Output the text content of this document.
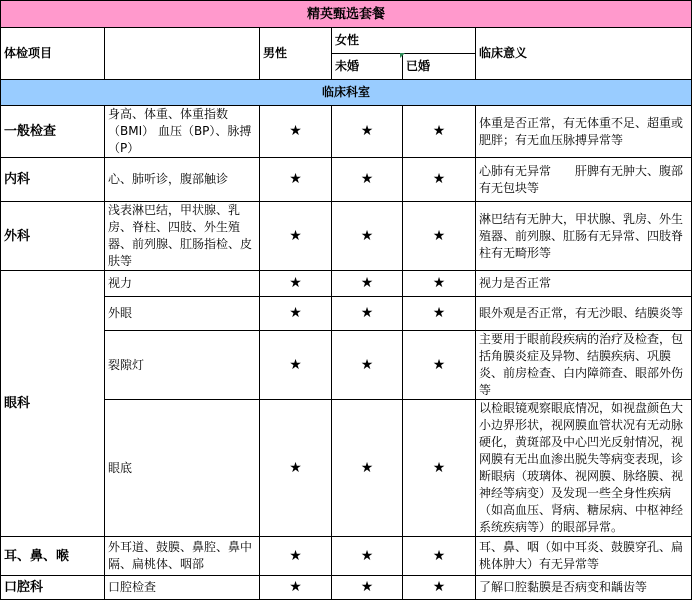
精英甄选套餐					
体检项目		男性	女性		临床意义
			未婚	已婚	
临床科室					
一般检查	身高、体重、体重指数（BMI） 血压（BP）、脉搏（P）	★	★	★	体重是否正常，有无体重不足、超重或肥胖；有无血压脉搏异常等
内科	心、肺听诊，腹部触诊	★	★	★	心肺有无异常　　肝脾有无肿大、腹部有无包块等
外科	浅表淋巴结，甲状腺、乳房、脊柱、四肢、外生殖器、前列腺、肛肠指检、皮肤等	★	★	★	淋巴结有无肿大，甲状腺、乳房、外生殖器、前列腺、肛肠有无异常、四肢脊柱有无畸形等
眼科	视力	★	★	★	视力是否正常
	外眼	★	★	★	眼外观是否正常，有无沙眼、结膜炎等
	裂隙灯	★	★	★	主要用于眼前段疾病的治疗及检查，包括角膜炎症及异物、结膜疾病、巩膜炎、前房检查、白内障筛查、眼部外伤等
	眼底	★	★	★	以检眼镜观察眼底情况，如视盘颜色大小边界形状，视网膜血管状况有无动脉硬化，黄斑部及中心凹光反射情况，视网膜有无出血渗出脱失等病变表现，诊断眼病（玻璃体、视网膜、脉络膜、视神经等病变）及发现一些全身性疾病（如高血压、肾病、糖尿病、中枢神经系统疾病等）的眼部异常。
耳、鼻、喉	外耳道、鼓膜、鼻腔、鼻中隔、扁桃体、咽部	★	★	★	耳、鼻、咽（如中耳炎、鼓膜穿孔、扁桃体肿大）有无异常等
口腔科	口腔检查	★	★	★	了解口腔黏膜是否病变和龋齿等
